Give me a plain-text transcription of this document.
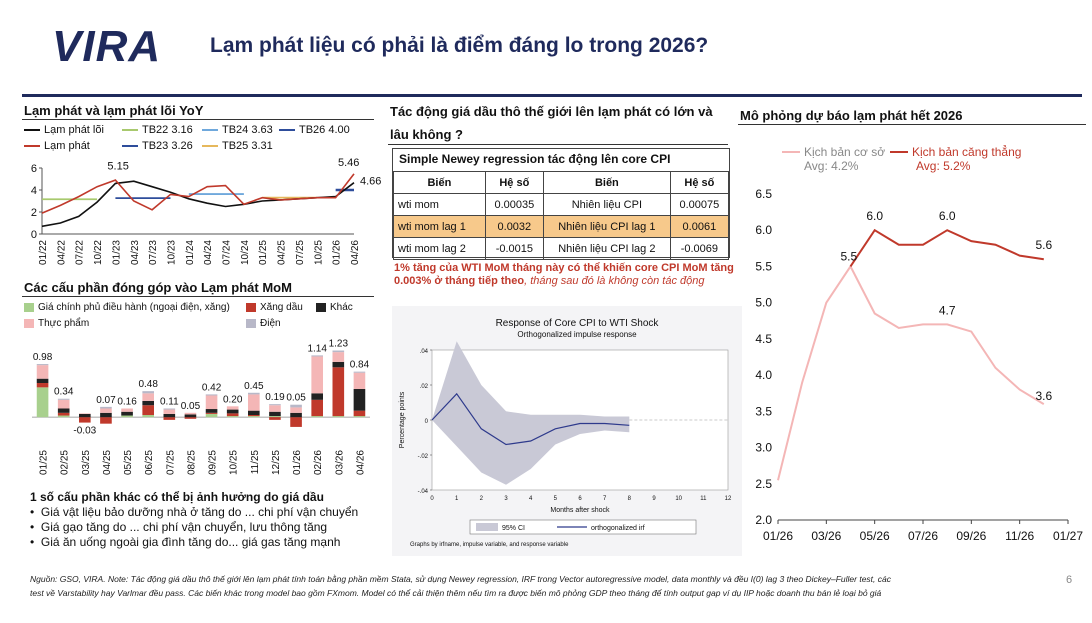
VIRA Lạm phát liệu có phải là điểm đáng lo trong 2026?
Lạm phát và lạm phát lõi YoY
Lạm phát lõi	TB22 3.16	TB24 3.63	TB26 4.00
Lạm phát	TB23 3.26	TB25 3.31
0
2
4
6
01/22 04/22 07/22 10/22 01/23 04/23 07/23 10/23 01/24 04/24 07/24 10/24 01/25 04/25 07/25 10/25 01/26 04/26
5.15	5.46
4.66
Các cấu phần đóng góp vào Lạm phát MoM
Giá chính phủ điều hành (ngoại điện, xăng)	Xăng dầu	Khác
Thực phẩm	Điện
0.98
01/25
0.34
02/25
-0.03
03/25
0.07
04/25
0.16
05/25
0.48
06/25
0.11
07/25
0.05
08/25
0.42
09/25
0.20
10/25
0.45
11/25
0.19
12/25
0.05
01/26
1.14
02/26
1.23
03/26
0.84
04/26
1 số cấu phần khác có thể bị ảnh hưởng do giá dầu
•  Giá vật liệu bảo dưỡng nhà ở tăng do ... chi phí vận chuyển
•  Giá gạo tăng do ... chi phí vận chuyển, lưu thông tăng
•  Giá ăn uống ngoài gia đình tăng do... giá gas tăng mạnh
Tác động giá dầu thô thế giới lên lạm phát có lớn và
lâu không ?
Simple Newey regression tác động lên core CPI
Biến	Hệ số	Biến	Hệ số
wti mom	0.00035	Nhiên liệu CPI	0.00075
wti mom lag 1	0.0032	Nhiên liệu CPI lag 1	0.0061
wti mom lag 2	-0.0015	Nhiên liệu CPI lag 2	-0.0069
1% tăng của WTI MoM tháng này có thể khiến core CPI MoM tăng 0.003% ở tháng tiếp theo, tháng sau đó là không còn tác động
Response of Core CPI to WTI Shock
Orthogonalized impulse response
-.04
-.02
0
.02
.04
0	1	2	3	4	5	6	7	8	9	10	11	12
Months after shock
Percentage points
95% CI	orthogonalized irf
Graphs by irfname, impulse variable, and response variable
Mô phỏng dự báo lạm phát hết 2026
Kịch bản cơ sở
Avg: 4.2%
Kịch bản căng thẳng
Avg: 5.2%
2.0
2.5
3.0
3.5
4.0
4.5
5.0
5.5
6.0
6.5
01/26 03/26 05/26 07/26 09/26 11/26 01/27
5.5
6.0	6.0
5.6
4.7
3.6
Nguồn: GSO, VIRA. Note: Tác động giá dầu thô thế giới lên lạm phát tính toán bằng phần mềm Stata, sử dụng Newey regression, IRF trong Vector autoregressive model, data monthly và đều I(0) lag 3 theo Dickey–Fuller test, các
test về Varstability hay Varlmar đều pass. Các biến khác trong model bao gồm FXmom. Model có thể cải thiện thêm nếu tìm ra được biến mô phỏng GDP theo tháng để tính output gap ví dụ IIP hoặc doanh thu bán lẻ loại bỏ giá
6
